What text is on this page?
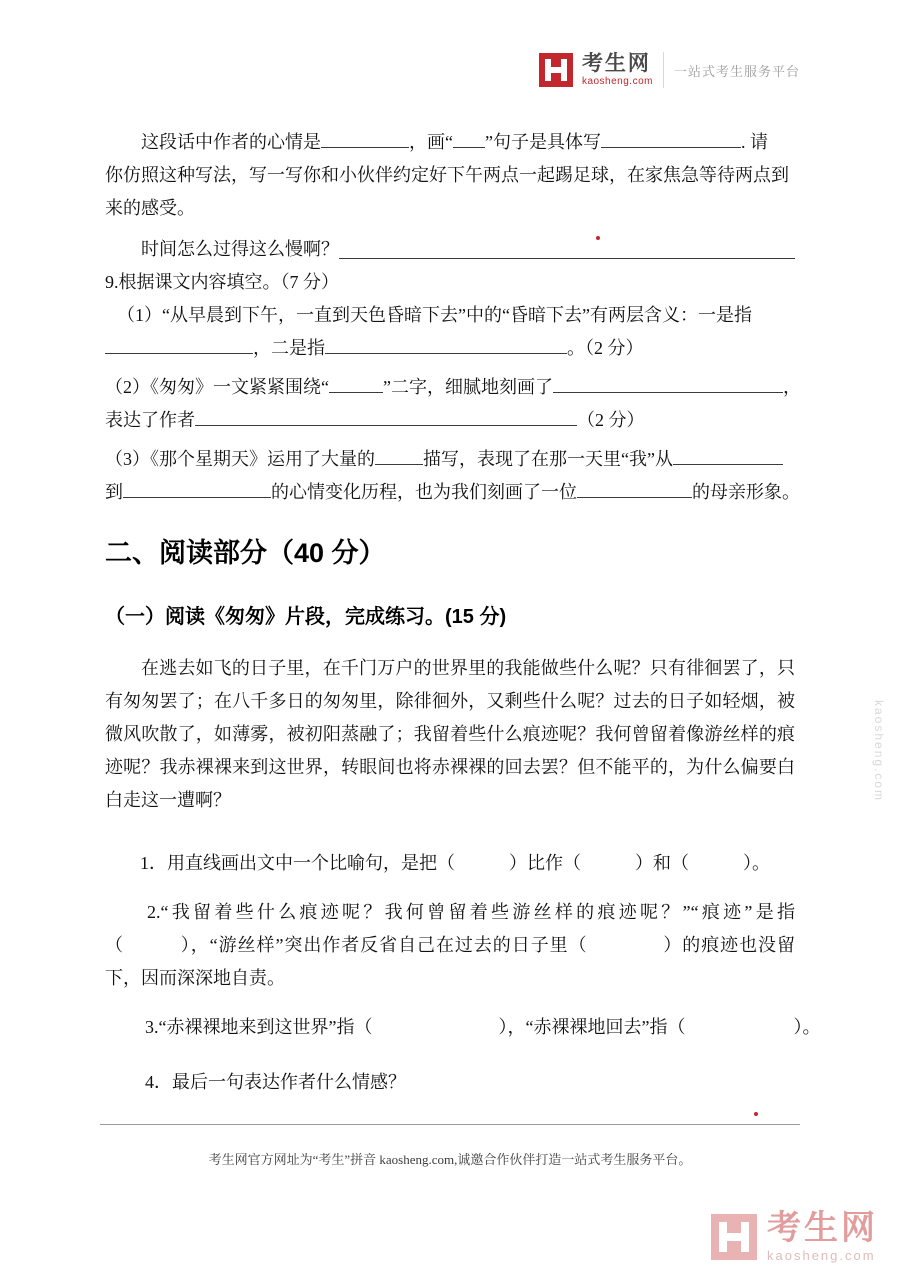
考生网
kaosheng.com
一站式考生服务平台
这段话中作者的心情是	，画“ ”句子是具体写	. 请
你仿照这种写法，写一写你和小伙伴约定好下午两点一起踢足球，在家焦急等待两点到来的感受。
时间怎么过得这么慢啊？
9.根据课文内容填空。（7 分）
（1）“从早晨到下午，一直到天色昏暗下去”中的“昏暗下去”有两层含义：一是指
，二是指	。（2 分）
（2）《匆匆》一文紧紧围绕“	”二字，细腻地刻画了	，
表达了作者	（2 分）
（3）《那个星期天》运用了大量的	描写，表现了在那一天里“我”从
到	的心情变化历程，也为我们刻画了一位	的母亲形象。
二、阅读部分（40 分）
（一）阅读《匆匆》片段，完成练习。(15 分)
在逃去如飞的日子里，在千门万户的世界里的我能做些什么呢？只有徘徊罢了，只有匆匆罢了；在八千多日的匆匆里，除徘徊外，又剩些什么呢？过去的日子如轻烟，被微风吹散了，如薄雾，被初阳蒸融了；我留着些什么痕迹呢？我何曾留着像游丝样的痕迹呢？我赤裸裸来到这世界，转眼间也将赤裸裸的回去罢？但不能平的，为什么偏要白白走这一遭啊？
1．用直线画出文中一个比喻句，是把（　　　）比作（　　　）和（　　　）。
2.“我留着些什么痕迹呢？我何曾留着些游丝样的痕迹呢？”“痕迹”是指（　　　），“游丝样”突出作者反省自己在过去的日子里（　　　　）的痕迹也没留下，因而深深地自责。
3.“赤裸裸地来到这世界”指（　　　　　　　），“赤裸裸地回去”指（　　　　　　）。
4．最后一句表达作者什么情感？
考生网官方网址为“考生”拼音 kaosheng.com,诚邀合作伙伴打造一站式考生服务平台。
kaosheng.com
考生网
kaosheng.com
